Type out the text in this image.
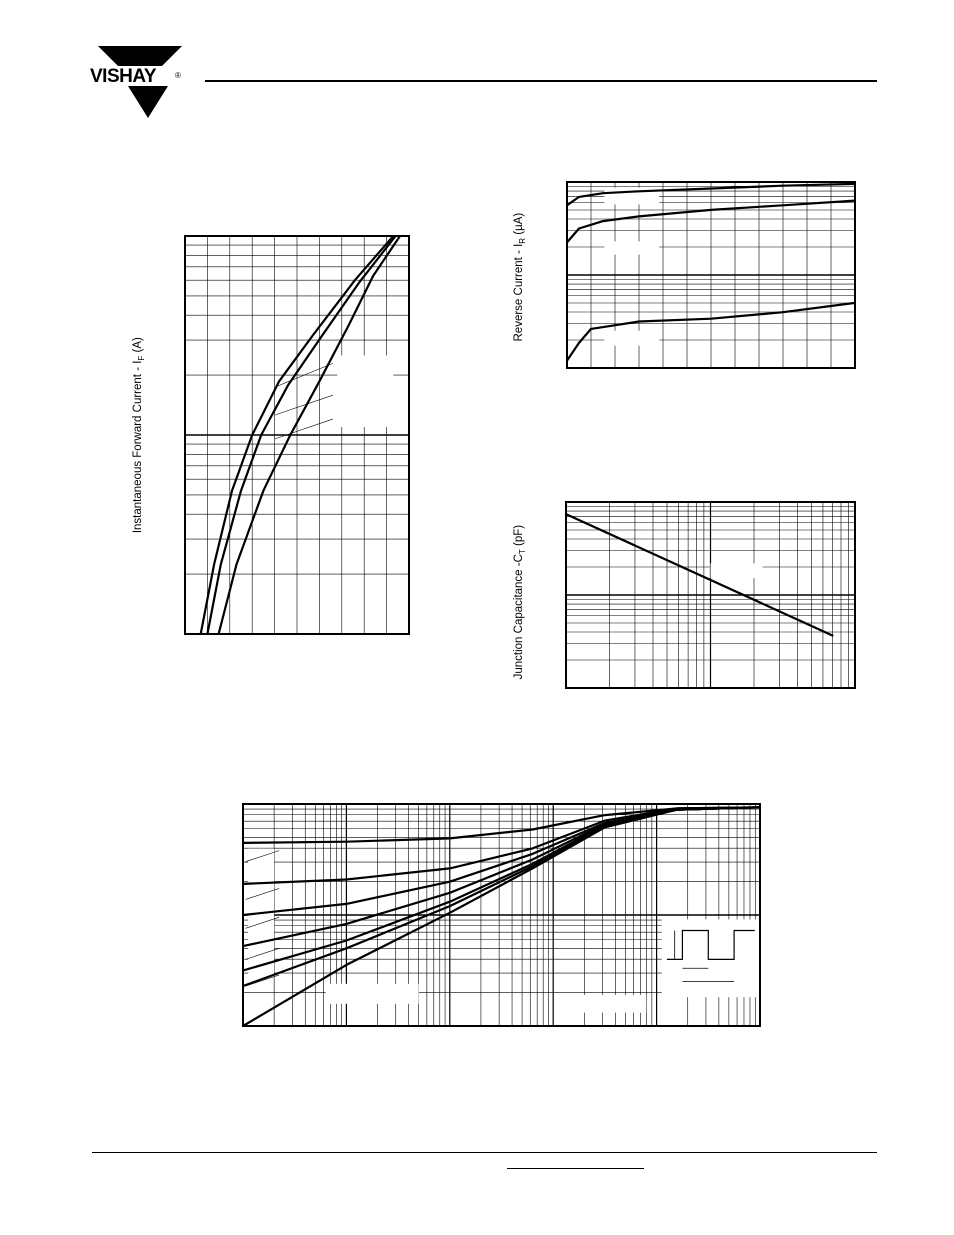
VISHAY ®
Instantaneous Forward Current - $I_F$ (A)
Reverse Current - $I_R$ (µA)
Junction Capacitance $-C_T$ (pF)
